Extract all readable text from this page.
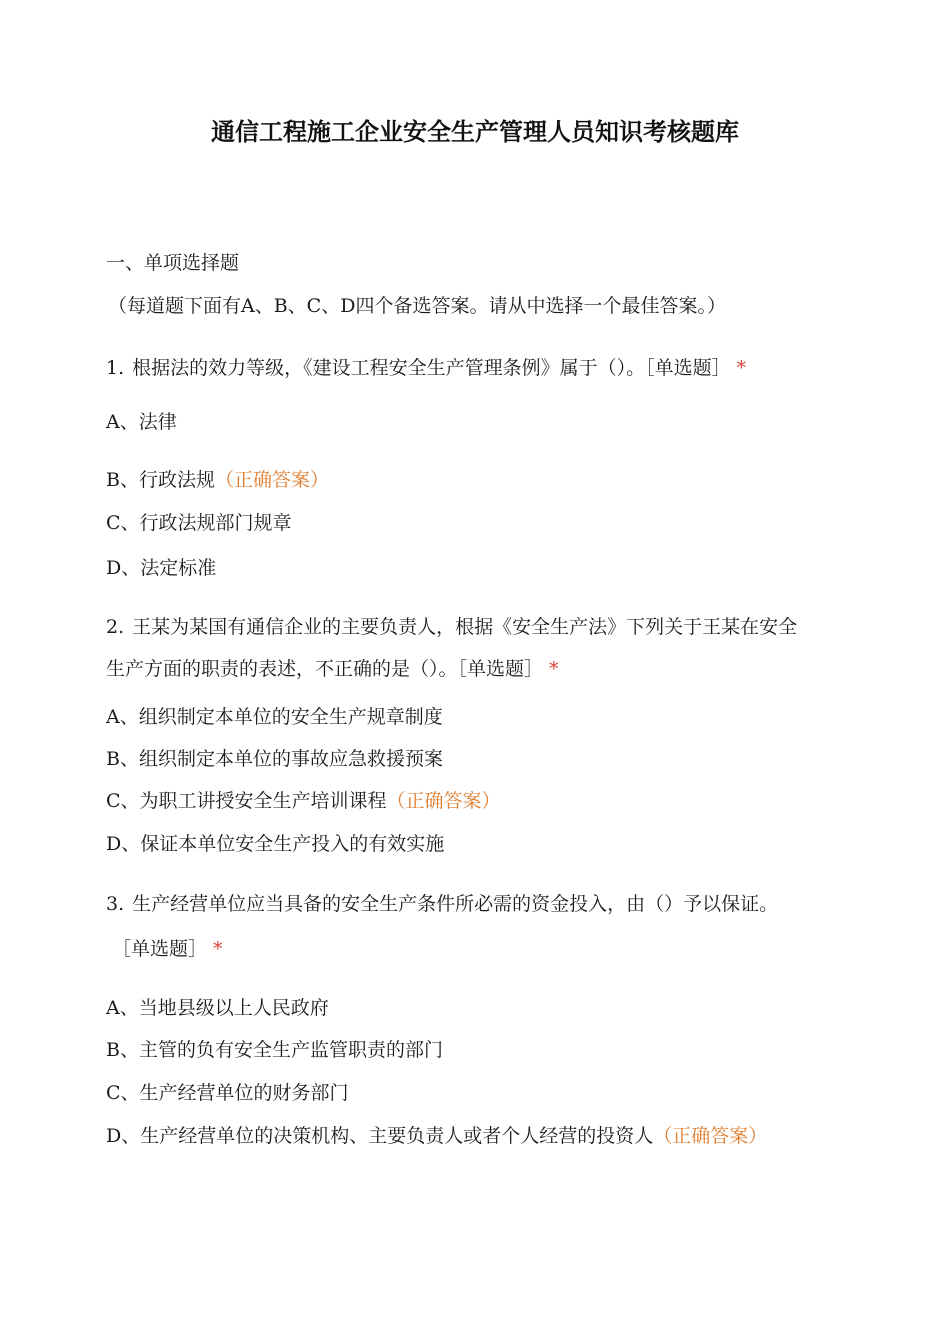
通信工程施工企业安全生产管理人员知识考核题库
一、单项选择题
（每道题下面有A、B、C、D四个备选答案。请从中选择一个最佳答案。）
1. 根据法的效力等级，《建设工程安全生产管理条例》属于（）。［单选题］ *
A、法律
B、行政法规（正确答案）
C、行政法规部门规章
D、法定标准
2. 王某为某国有通信企业的主要负责人，根据《安全生产法》下列关于王某在安全
生产方面的职责的表述，不正确的是（）。［单选题］ *
A、组织制定本单位的安全生产规章制度
B、组织制定本单位的事故应急救援预案
C、为职工讲授安全生产培训课程（正确答案）
D、保证本单位安全生产投入的有效实施
3. 生产经营单位应当具备的安全生产条件所必需的资金投入，由（）予以保证。
［单选题］ *
A、当地县级以上人民政府
B、主管的负有安全生产监管职责的部门
C、生产经营单位的财务部门
D、生产经营单位的决策机构、主要负责人或者个人经营的投资人（正确答案）
